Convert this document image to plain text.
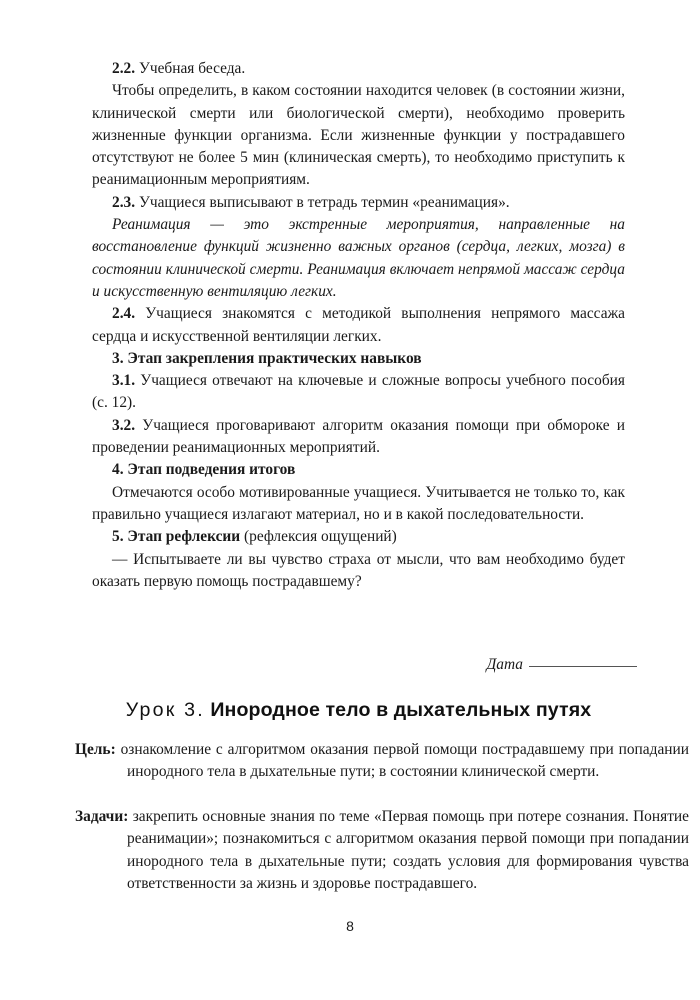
2.2. Учебная беседа.

Чтобы определить, в каком состоянии находится человек (в состоянии жизни, клинической смерти или биологической смерти), необходимо проверить жизненные функции организма. Если жизненные функции у пострадавшего отсутствуют не более 5 мин (клиническая смерть), то необходимо приступить к реанимационным мероприятиям.

2.3. Учащиеся выписывают в тетрадь термин «реанимация».

Реанимация — это экстренные мероприятия, направленные на восстановление функций жизненно важных органов (сердца, легких, мозга) в состоянии клинической смерти. Реанимация включает непрямой массаж сердца и искусственную вентиляцию легких.

2.4. Учащиеся знакомятся с методикой выполнения непрямого массажа сердца и искусственной вентиляции легких.

3. Этап закрепления практических навыков

3.1. Учащиеся отвечают на ключевые и сложные вопросы учебного пособия (с. 12).

3.2. Учащиеся проговаривают алгоритм оказания помощи при обмороке и проведении реанимационных мероприятий.

4. Этап подведения итогов

Отмечаются особо мотивированные учащиеся. Учитывается не только то, как правильно учащиеся излагают материал, но и в какой последовательности.

5. Этап рефлексии (рефлексия ощущений)

— Испытываете ли вы чувство страха от мысли, что вам необходимо будет оказать первую помощь пострадавшему?

Дата
Урок 3. Инородное тело в дыхательных путях
Цель: ознакомление с алгоритмом оказания первой помощи пострадавшему при попадании инородного тела в дыхательные пути; в состоянии клинической смерти.
Задачи: закрепить основные знания по теме «Первая помощь при потере сознания. Понятие реанимации»; познакомиться с алгоритмом оказания первой помощи при попадании инородного тела в дыхательные пути; создать условия для формирования чувства ответственности за жизнь и здоровье пострадавшего.
8
